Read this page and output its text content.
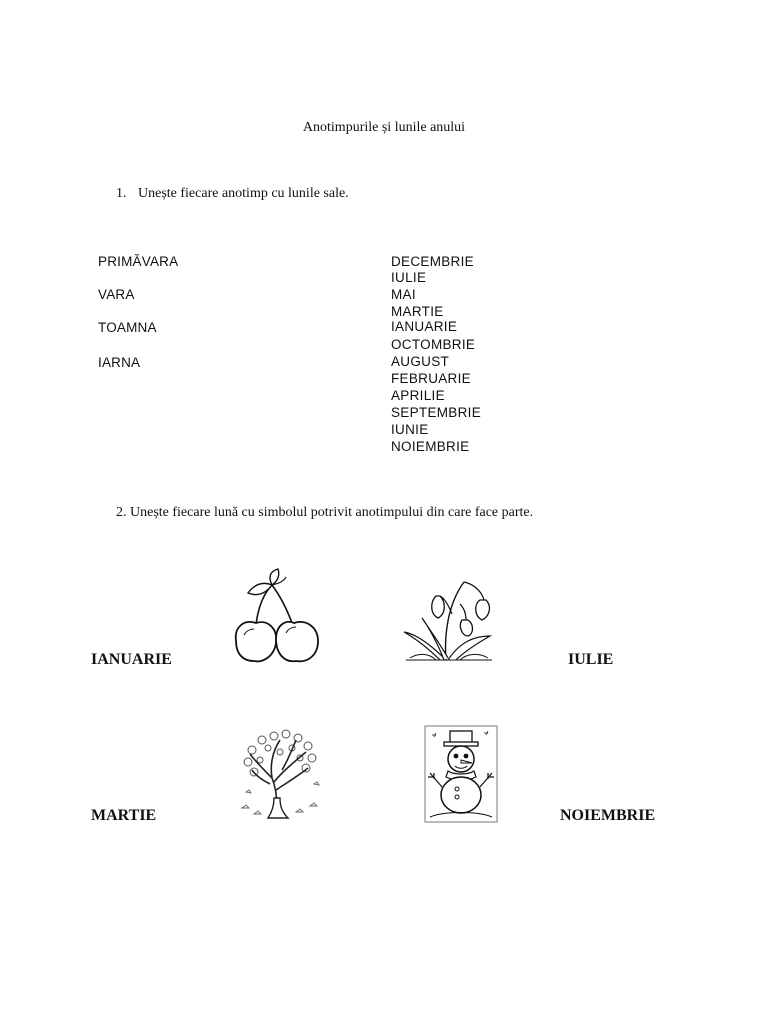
Anotimpurile și lunile anului
1. Unește fiecare anotimp cu lunile sale.
PRIMĂVARA
VARA
TOAMNA
IARNA
DECEMBRIE
IULIE
MAI
MARTIE
IANUARIE
OCTOMBRIE
AUGUST
FEBRUARIE
APRILIE
SEPTEMBRIE
IUNIE
NOIEMBRIE
2. Unește fiecare lună cu simbolul potrivit anotimpului din care face parte.
IANUARIE	IULIE
MARTIE	NOIEMBRIE
